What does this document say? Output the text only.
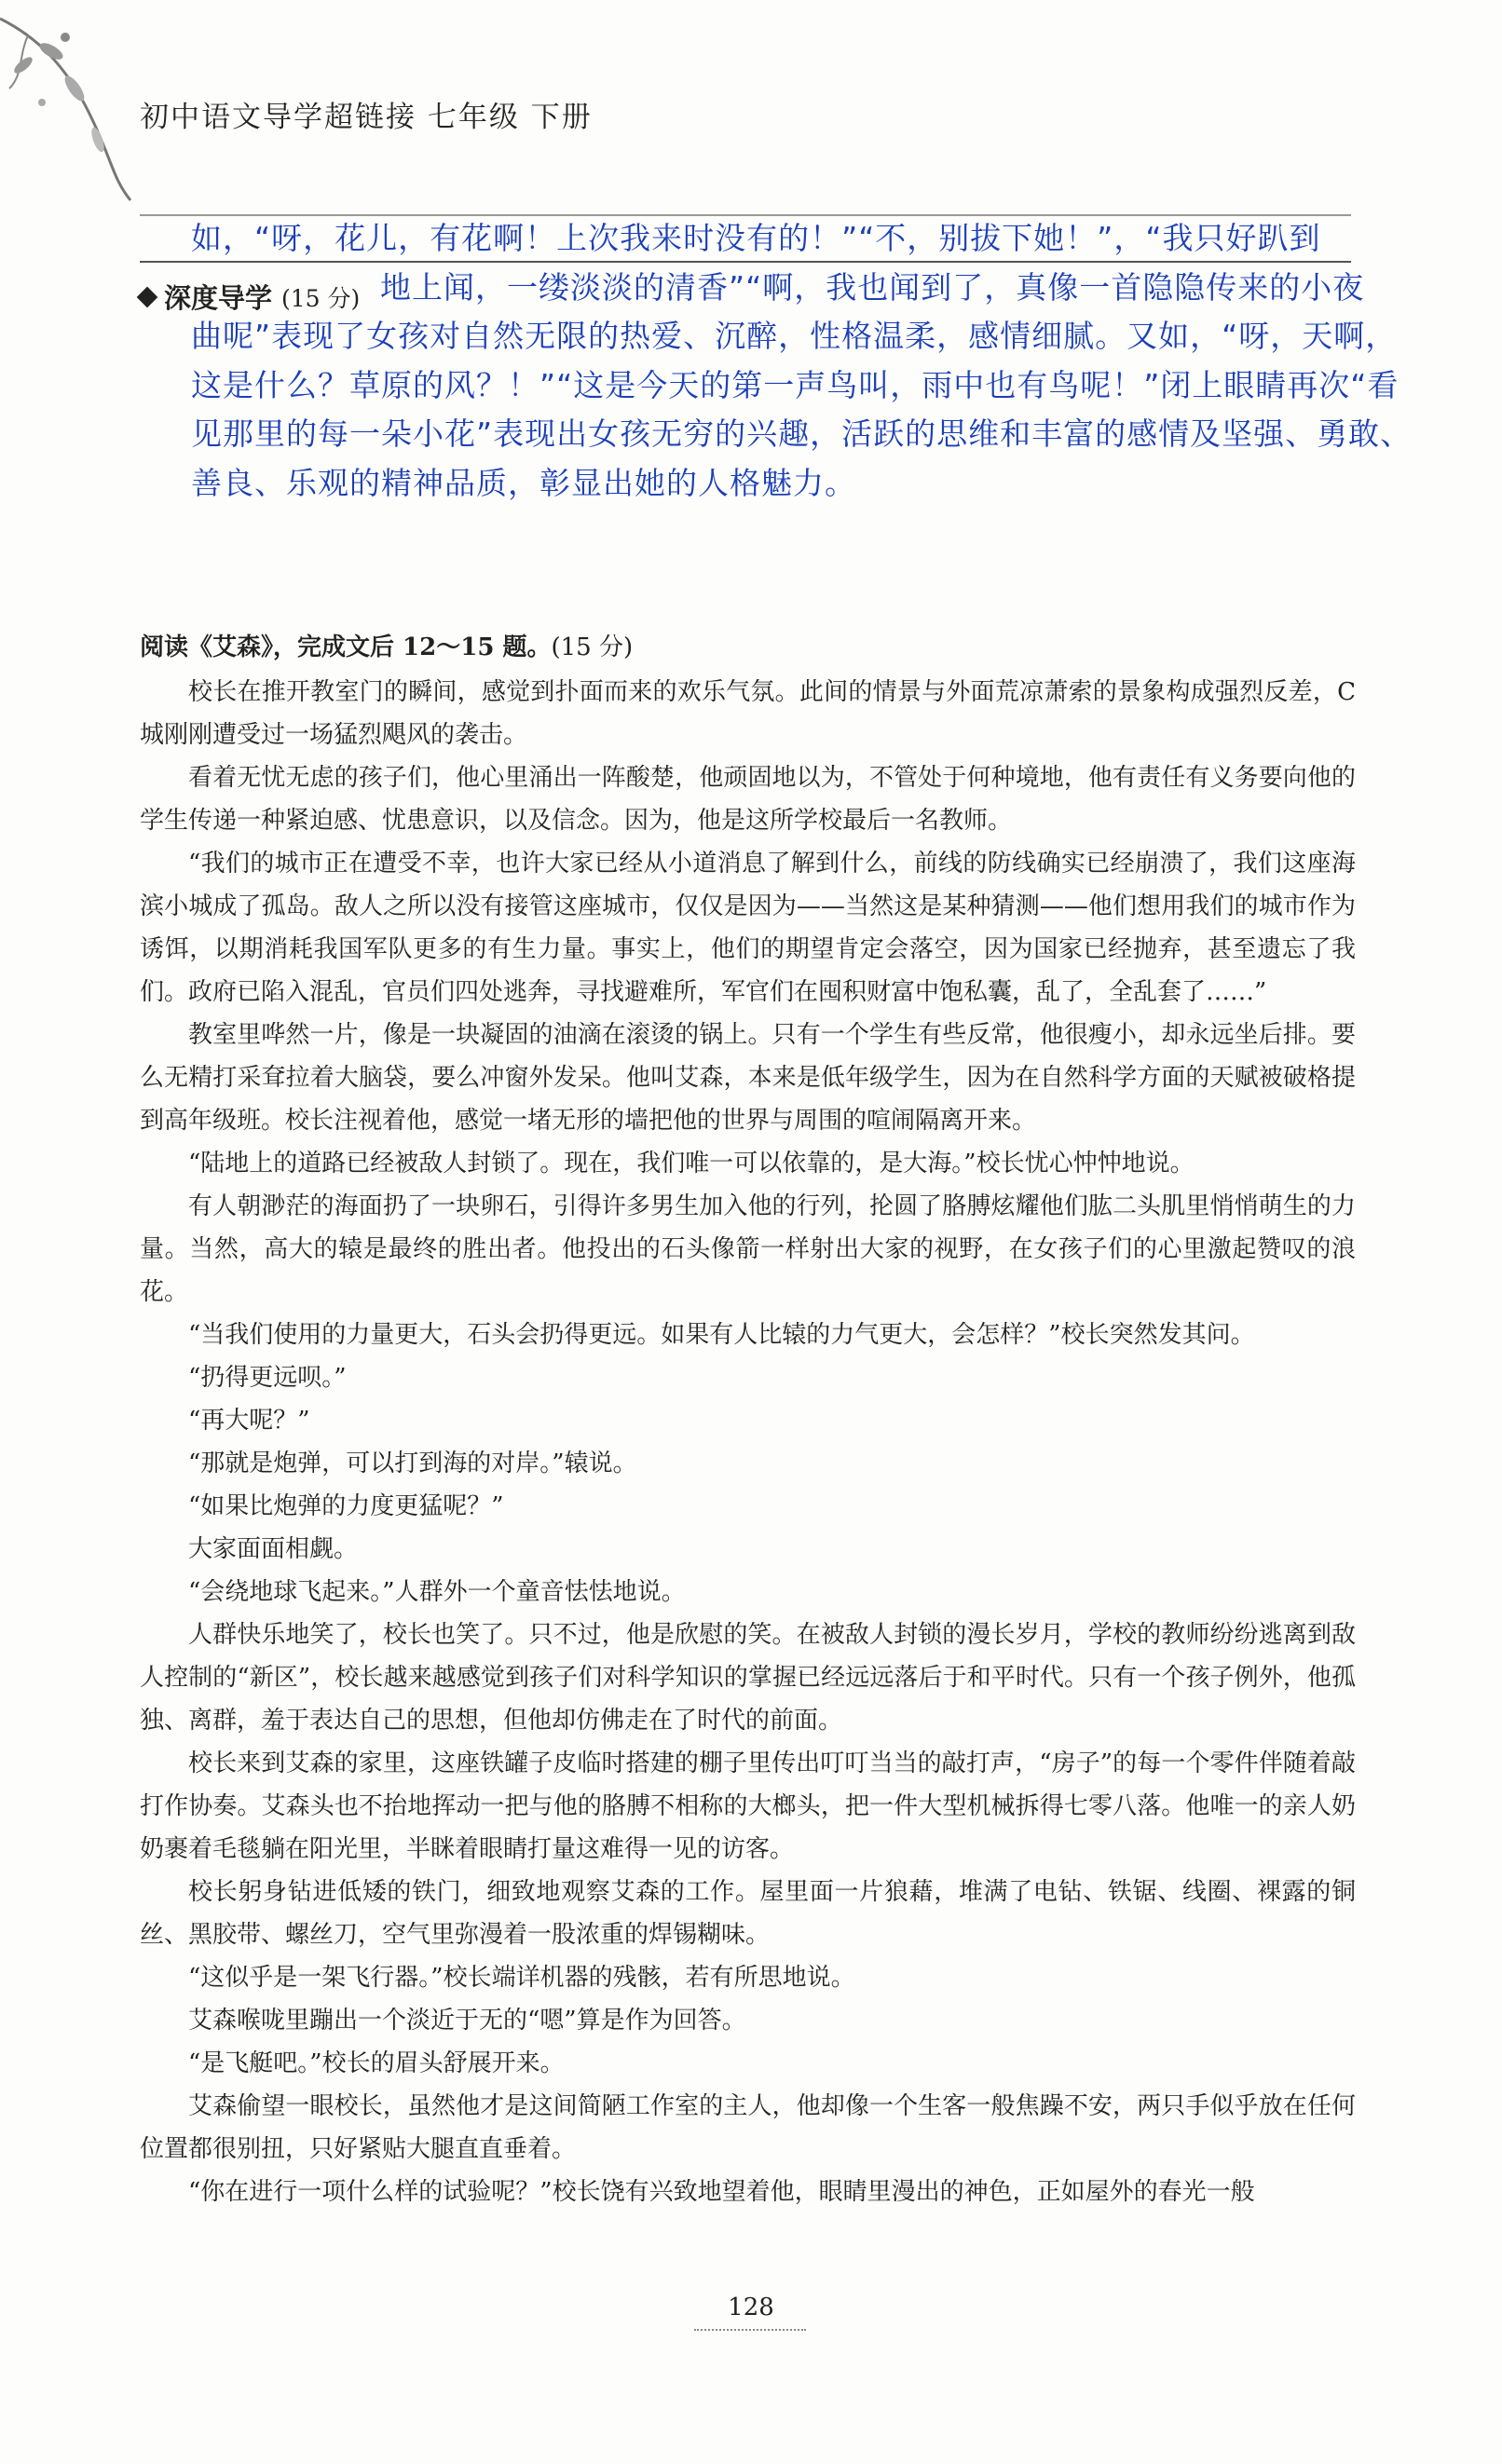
初中语文导学超链接 七年级 下册
深度导学 (15 分)
如，“呀，花儿，有花啊！上次我来时没有的！”“不，别拔下她！”，“我只好趴到
地上闻，一缕淡淡的清香”“啊，我也闻到了，真像一首隐隐传来的小夜
曲呢”表现了女孩对自然无限的热爱、沉醉，性格温柔，感情细腻。又如，“呀，天啊，
这是什么？草原的风？！”“这是今天的第一声鸟叫，雨中也有鸟呢！”闭上眼睛再次“看
见那里的每一朵小花”表现出女孩无穷的兴趣，活跃的思维和丰富的感情及坚强、勇敢、
善良、乐观的精神品质，彰显出她的人格魅力。
阅读《艾森》，完成文后 12～15 题。(15 分)

校长在推开教室门的瞬间，感觉到扑面而来的欢乐气氛。此间的情景与外面荒凉萧索的景象构成强烈反差，C 城刚刚遭受过一场猛烈飓风的袭击。

看着无忧无虑的孩子们，他心里涌出一阵酸楚，他顽固地以为，不管处于何种境地，他有责任有义务要向他的学生传递一种紧迫感、忧患意识，以及信念。因为，他是这所学校最后一名教师。

“我们的城市正在遭受不幸，也许大家已经从小道消息了解到什么，前线的防线确实已经崩溃了，我们这座海滨小城成了孤岛。敌人之所以没有接管这座城市，仅仅是因为——当然这是某种猜测——他们想用我们的城市作为诱饵，以期消耗我国军队更多的有生力量。事实上，他们的期望肯定会落空，因为国家已经抛弃，甚至遗忘了我们。政府已陷入混乱，官员们四处逃奔，寻找避难所，军官们在囤积财富中饱私囊，乱了，全乱套了……”

教室里哗然一片，像是一块凝固的油滴在滚烫的锅上。只有一个学生有些反常，他很瘦小，却永远坐后排。要么无精打采耷拉着大脑袋，要么冲窗外发呆。他叫艾森，本来是低年级学生，因为在自然科学方面的天赋被破格提到高年级班。校长注视着他，感觉一堵无形的墙把他的世界与周围的喧闹隔离开来。

“陆地上的道路已经被敌人封锁了。现在，我们唯一可以依靠的，是大海。”校长忧心忡忡地说。

有人朝渺茫的海面扔了一块卵石，引得许多男生加入他的行列，抡圆了胳膊炫耀他们肱二头肌里悄悄萌生的力量。当然，高大的辕是最终的胜出者。他投出的石头像箭一样射出大家的视野，在女孩子们的心里激起赞叹的浪花。

“当我们使用的力量更大，石头会扔得更远。如果有人比辕的力气更大，会怎样？”校长突然发其问。

“扔得更远呗。”

“再大呢？”

“那就是炮弹，可以打到海的对岸。”辕说。

“如果比炮弹的力度更猛呢？”

大家面面相觑。

“会绕地球飞起来。”人群外一个童音怯怯地说。

人群快乐地笑了，校长也笑了。只不过，他是欣慰的笑。在被敌人封锁的漫长岁月，学校的教师纷纷逃离到敌人控制的“新区”，校长越来越感觉到孩子们对科学知识的掌握已经远远落后于和平时代。只有一个孩子例外，他孤独、离群，羞于表达自己的思想，但他却仿佛走在了时代的前面。

校长来到艾森的家里，这座铁罐子皮临时搭建的棚子里传出叮叮当当的敲打声，“房子”的每一个零件伴随着敲打作协奏。艾森头也不抬地挥动一把与他的胳膊不相称的大榔头，把一件大型机械拆得七零八落。他唯一的亲人奶奶裹着毛毯躺在阳光里，半眯着眼睛打量这难得一见的访客。

校长躬身钻进低矮的铁门，细致地观察艾森的工作。屋里面一片狼藉，堆满了电钻、铁锯、线圈、裸露的铜丝、黑胶带、螺丝刀，空气里弥漫着一股浓重的焊锡糊味。

“这似乎是一架飞行器。”校长端详机器的残骸，若有所思地说。

艾森喉咙里蹦出一个淡近于无的“嗯”算是作为回答。

“是飞艇吧。”校长的眉头舒展开来。

艾森偷望一眼校长，虽然他才是这间简陋工作室的主人，他却像一个生客一般焦躁不安，两只手似乎放在任何位置都很别扭，只好紧贴大腿直直垂着。

“你在进行一项什么样的试验呢？”校长饶有兴致地望着他，眼睛里漫出的神色，正如屋外的春光一般

128
